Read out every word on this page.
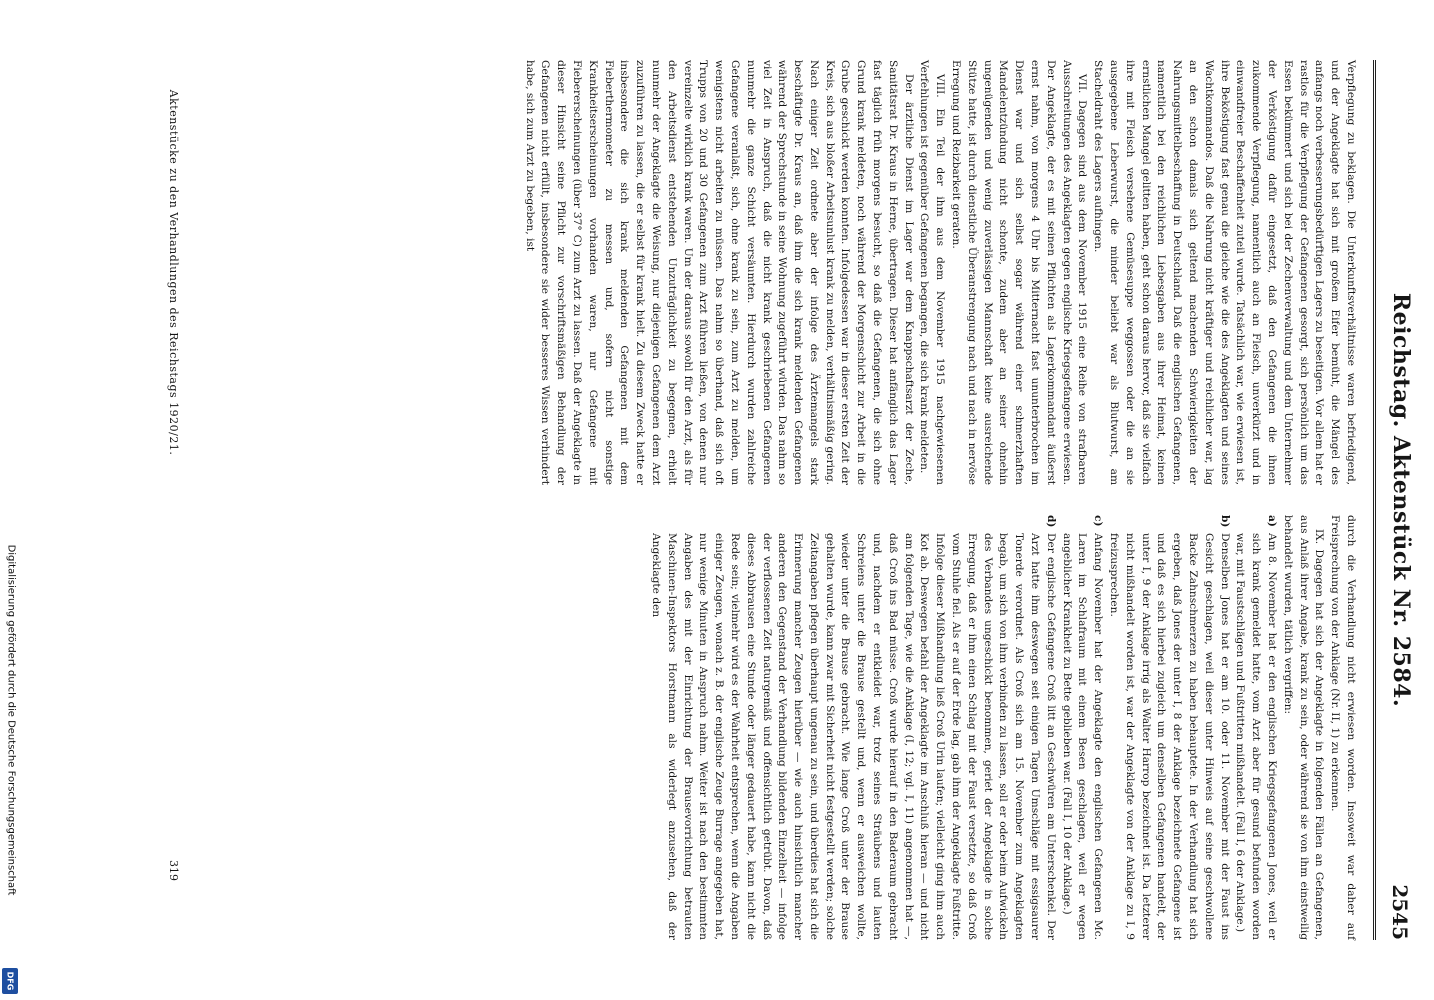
Digitalisierung gefördert durch die Deutsche Forschungsgemeinschaft
DFG
Reichstag. Aktenstück Nr. 2584.
2545

Verpflegung zu beklagen. Die Unterkunftsverhältnisse waren befriedigend, und der Angeklagte hat sich mit großem Eifer bemüht, die Mängel des anfangs noch verbesserungsbedürftigen Lagers zu beseitigen. Vor allem hat er rastlos für die Verpflegung der Gefangenen gesorgt, sich persönlich um das Essen bekümmert und sich bei der Zechenverwaltung und dem Unternehmer der Verköstigung dafür eingesetzt, daß den Gefangenen die ihnen zukommende Verpflegung, namentlich auch an Fleisch, unverkürzt und in einwandfreier Beschaffenheit zuteil wurde. Tatsächlich war, wie erwiesen ist, ihre Beköstigung fast genau die gleiche wie die des Angeklagten und seines Wachtkommandos. Daß die Nahrung nicht kräftiger und reichlicher war, lag an den schon damals sich geltend machenden Schwierigkeiten der Nahrungsmittelbeschaffung in Deutschland. Daß die englischen Gefangenen, namentlich bei den reichlichen Liebesgaben aus ihrer Heimat, keinen ernstlichen Mangel gelitten haben, geht schon daraus hervor, daß sie vielfach ihre mit Fleisch versehene Gemüsesuppe weggossen oder die an sie ausgegebene Leberwurst, die minder beliebt war als Blutwurst, am Stacheldraht des Lagers aufhingen.

VII. Dagegen sind aus dem November 1915 eine Reihe von strafbaren Ausschreitungen des Angeklagten gegen englische Kriegsgefangene erwiesen. Der Angeklagte, der es mit seinen Pflichten als Lagerkommandant äußerst ernst nahm, von morgens 4 Uhr bis Mitternacht fast ununterbrochen im Dienst war und sich selbst sogar während einer schmerzhaften Mandelentzündung nicht schonte, zudem aber an seiner ohnehin ungenügenden und wenig zuverlässigen Mannschaft keine ausreichende Stütze hatte, ist durch dienstliche Überanstrengung nach und nach in nervöse Erregung und Reizbarkeit geraten.

VIII. Ein Teil der ihm aus dem November 1915 nachgewiesenen Verfehlungen ist gegenüber Gefangenen begangen, die sich krank meldeten.

Der ärztliche Dienst im Lager war dem Knappschaftsarzt der Zeche, Sanitätsrat Dr. Kraus in Herne, übertragen. Dieser hat anfänglich das Lager fast täglich früh morgens besucht, so daß die Gefangenen, die sich ohne Grund krank meldeten, noch während der Morgenschicht zur Arbeit in die Grube geschickt werden konnten. Infolgedessen war in dieser ersten Zeit der Kreis, sich aus bloßer Arbeitsunlust krank zu melden, verhältnismäßig gering. Nach einiger Zeit ordnete aber der infolge des Ärztemangels stark beschäftigte Dr. Kraus an, daß ihm die sich krank meldenden Gefangenen während der Sprechstunde in seine Wohnung zugeführt würden. Das nahm so viel Zeit in Anspruch, daß die nicht krank geschriebenen Gefangenen nunmehr die ganze Schicht versäumten. Hierdurch wurden zahlreiche Gefangene veranlaßt, sich, ohne krank zu sein, zum Arzt zu melden, um wenigstens nicht arbeiten zu müssen. Das nahm so überhand, daß sich oft Trupps von 20 und 30 Gefangenen zum Arzt führen ließen, von denen nur vereinzelte wirklich krank waren. Um der daraus sowohl für den Arzt, als für den Arbeitsdienst entstehenden Unzuträglichkeit zu begegnen, erhielt nunmehr der Angeklagte die Weisung, nur diejenigen Gefangenen dem Arzt zuzuführen zu lassen, die er selbst für krank hielt. Zu diesem Zweck hatte er insbesondere die sich krank meldenden Gefangenen mit dem Fieberthermometer zu messen und, sofern nicht sonstige Krankheitserscheinungen vorhanden waren, nur Gefangene mit Fiebererscheinungen (über 37° C) zum Arzt zu lassen. Daß der Angeklagte in dieser Hinsicht seine Pflicht zur vorschriftsmäßigen Behandlung der Gefangenen nicht erfüllt, insbesondere sie wider besseres Wissen verhindert habe, sich zum Arzt zu begeben, ist

durch die Verhandlung nicht erwiesen worden. Insoweit war daher auf Freisprechung von der Anklage (Nr. II, 1) zu erkennen.

IX. Dagegen hat sich der Angeklagte in folgenden Fällen an Gefangenen, aus Anlaß ihrer Angabe, krank zu sein, oder während sie von ihm einstweilig behandelt wurden, tätlich vergriffen:

a)
Am 8. November hat er den englischen Kriegsgefangenen Jones, weil er sich krank gemeldet hatte, vom Arzt aber für gesund befunden worden war, mit Faustschlägen und Fußtritten mißhandelt. (Fall I, 6 der Anklage.)
b)
Denselben Jones hat er am 10. oder 11. November mit der Faust ins Gesicht geschlagen, weil dieser unter Hinweis auf seine geschwollene Backe Zahnschmerzen zu haben behauptete. In der Verhandlung hat sich ergeben, daß Jones der unter I, 8 der Anklage bezeichnete Gefangene ist und daß es sich hierbei zugleich um denselben Gefangenen handelt, der unter I, 9 der Anklage irrig als Walter Harrop bezeichnet ist. Da letzterer nicht mißhandelt worden ist, war der Angeklagte von der Anklage zu I, 9 freizusprechen.
c)
Anfang November hat der Angeklagte den englischen Gefangenen Mc. Laren im Schlafraum mit einem Besen geschlagen, weil er wegen angeblicher Krankheit zu Bette geblieben war. (Fall I, 10 der Anklage.)
d)
Der englische Gefangene Croß litt an Geschwüren am Unterschenkel. Der Arzt hatte ihm deswegen seit einigen Tagen Umschläge mit essigsaurer Tonerde verordnet. Als Croß sich am 15. November zum Angeklagten begab, um sich von ihm verbinden zu lassen, soll er oder beim Aufwickeln des Verbandes ungeschickt benommen, geriet der Angeklagte in solche Erregung, daß er ihm einen Schlag mit der Faust versetzte, so daß Croß vom Stuhle fiel. Als er auf der Erde lag, gab ihm der Angeklagte Fußtritte. Infolge dieser Mißhandlung ließ Croß Urin laufen; vielleicht ging ihm auch Kot ab. Deswegen befahl der Angeklagte im Anschluß hieran — und nicht am folgenden Tage, wie die Anklage (I, 12; vgl. I, 11) angenommen hat —, daß Croß ins Bad müsse. Croß wurde hierauf in den Baderaum gebracht und, nachdem er entkleidet war, trotz seines Sträubens und lauten Schreiens unter die Brause gestellt und, wenn er ausweichen wollte, wieder unter die Brause gebracht. Wie lange Croß unter der Brause gehalten wurde, kann zwar mit Sicherheit nicht festgestellt werden; solche Zeitangaben pflegen überhaupt ungenau zu sein, und überdies hat sich die Erinnerung mancher Zeugen hierüber — wie auch hinsichtlich mancher anderen den Gegenstand der Verhandlung bildenden Einzelheit — infolge der verflossenen Zeit naturgemäß und offensichtlich getrübt. Davon, daß dieses Abbrausen eine Stunde oder länger gedauert habe, kann nicht die Rede sein; vielmehr wird es der Wahrheit entsprechen, wenn die Angaben einiger Zeugen, wonach z. B. der englische Zeuge Burrage angegeben hat, nur wenige Minuten in Anspruch nahm. Weiter ist nach den bestimmten Angaben des mit der Einrichtung der Brausevorrichtung betrauten Maschinen-Inspektors Horstmann als widerlegt anzusehen, daß der Angeklagte den
Aktenstücke zu den Verhandlungen des Reichstags 1920/21.
319
